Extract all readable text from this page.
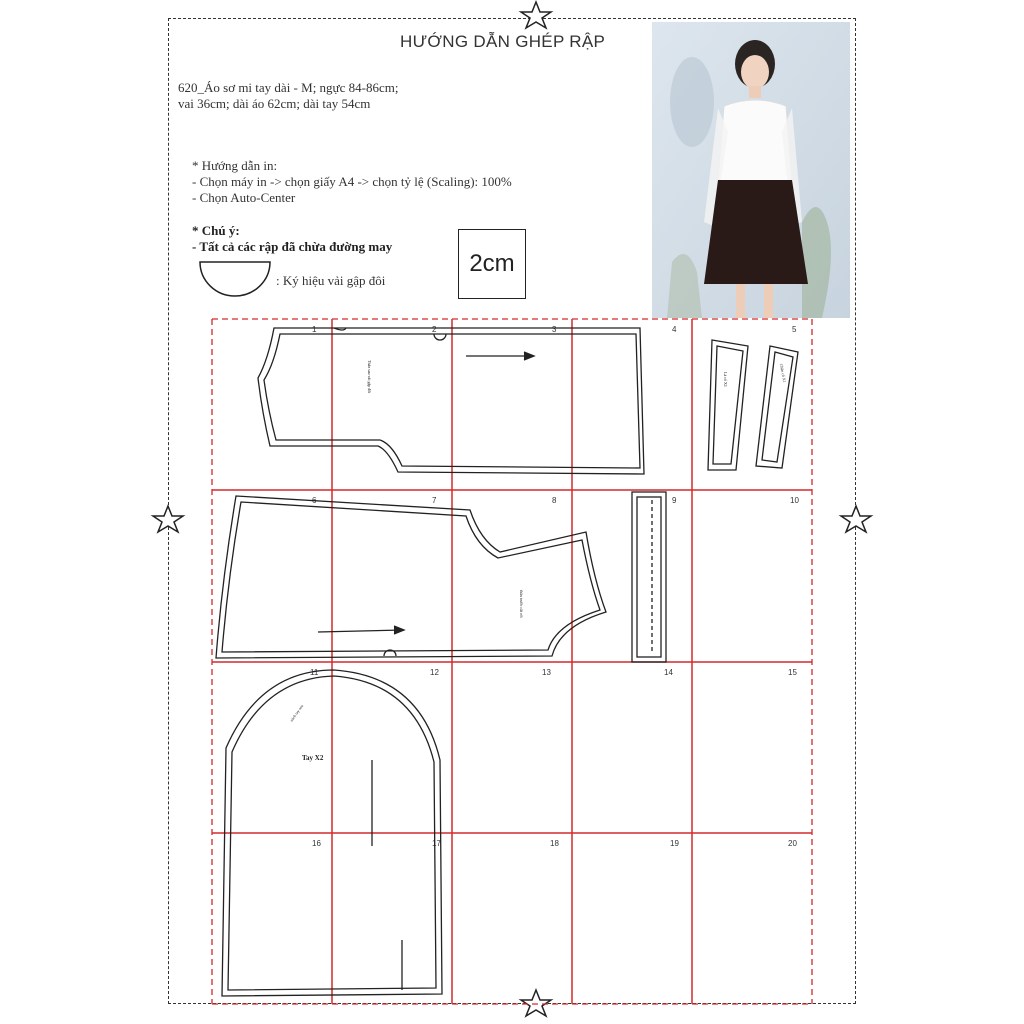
HƯỚNG DẪN GHÉP RẬP
620_Áo sơ mi tay dài - M; ngực 84-86cm;
vai 36cm; dài áo 62cm; dài tay 54cm
* Hướng dẫn in:
- Chọn máy in -> chọn giấy A4 -> chọn tỷ lệ (Scaling): 100%
- Chọn Auto-Center
* Chú ý:
- Tất cả các rập đã chừa đường may
: Ký hiệu vải gập đôi
2cm
1	2	3	4	5
6	7	8	9	10
11	12	13	14	15
16	17	18	19	20
Thân sau vải gập đôi
thân trước cắt rời
Lá cổ X1	Chân cổ X1
nách tay sau
Tay X2
